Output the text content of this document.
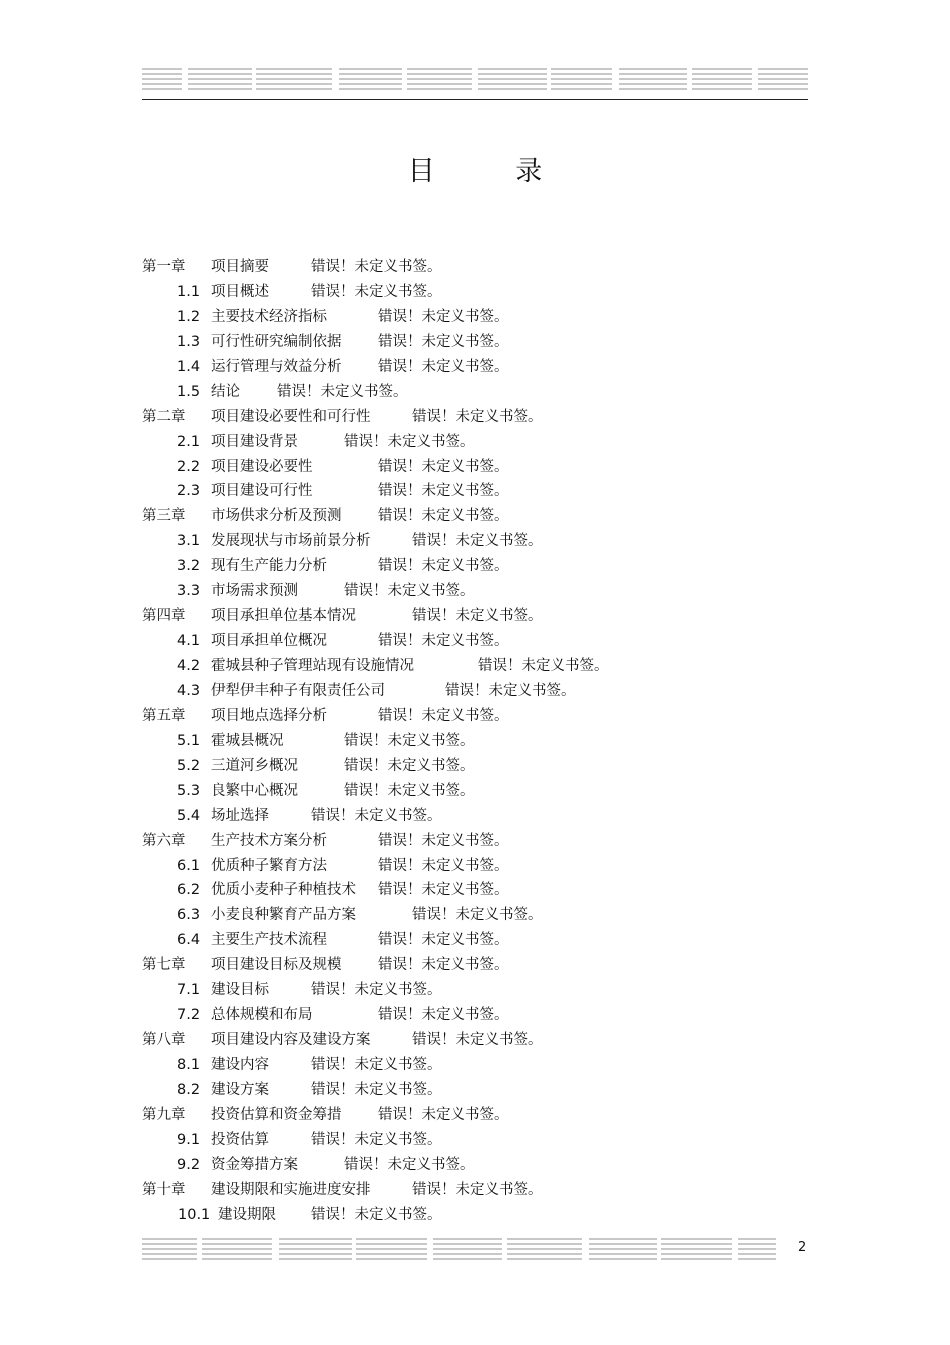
目 录
第一章 项目摘要	错误！未定义书签。
1.1 项目概述	错误！未定义书签。
1.2 主要技术经济指标	错误！未定义书签。
1.3 可行性研究编制依据	错误！未定义书签。
1.4 运行管理与效益分析	错误！未定义书签。
1.5 结论	错误！未定义书签。
第二章 项目建设必要性和可行性	错误！未定义书签。
2.1 项目建设背景	错误！未定义书签。
2.2 项目建设必要性	错误！未定义书签。
2.3 项目建设可行性	错误！未定义书签。
第三章 市场供求分析及预测	错误！未定义书签。
3.1 发展现状与市场前景分析	错误！未定义书签。
3.2 现有生产能力分析	错误！未定义书签。
3.3 市场需求预测	错误！未定义书签。
第四章 项目承担单位基本情况	错误！未定义书签。
4.1 项目承担单位概况	错误！未定义书签。
4.2 霍城县种子管理站现有设施情况	错误！未定义书签。
4.3 伊犁伊丰种子有限责任公司	错误！未定义书签。
第五章 项目地点选择分析	错误！未定义书签。
5.1 霍城县概况	错误！未定义书签。
5.2 三道河乡概况	错误！未定义书签。
5.3 良繁中心概况	错误！未定义书签。
5.4 场址选择	错误！未定义书签。
第六章 生产技术方案分析	错误！未定义书签。
6.1 优质种子繁育方法	错误！未定义书签。
6.2 优质小麦种子种植技术 错误！未定义书签。
6.3 小麦良种繁育产品方案	错误！未定义书签。
6.4 主要生产技术流程	错误！未定义书签。
第七章 项目建设目标及规模	错误！未定义书签。
7.1 建设目标	错误！未定义书签。
7.2 总体规模和布局	错误！未定义书签。
第八章 项目建设内容及建设方案	错误！未定义书签。
8.1 建设内容	错误！未定义书签。
8.2 建设方案	错误！未定义书签。
第九章 投资估算和资金筹措	错误！未定义书签。
9.1 投资估算	错误！未定义书签。
9.2 资金筹措方案	错误！未定义书签。
第十章 建设期限和实施进度安排	错误！未定义书签。
10.1 建设期限 错误！未定义书签。
2
